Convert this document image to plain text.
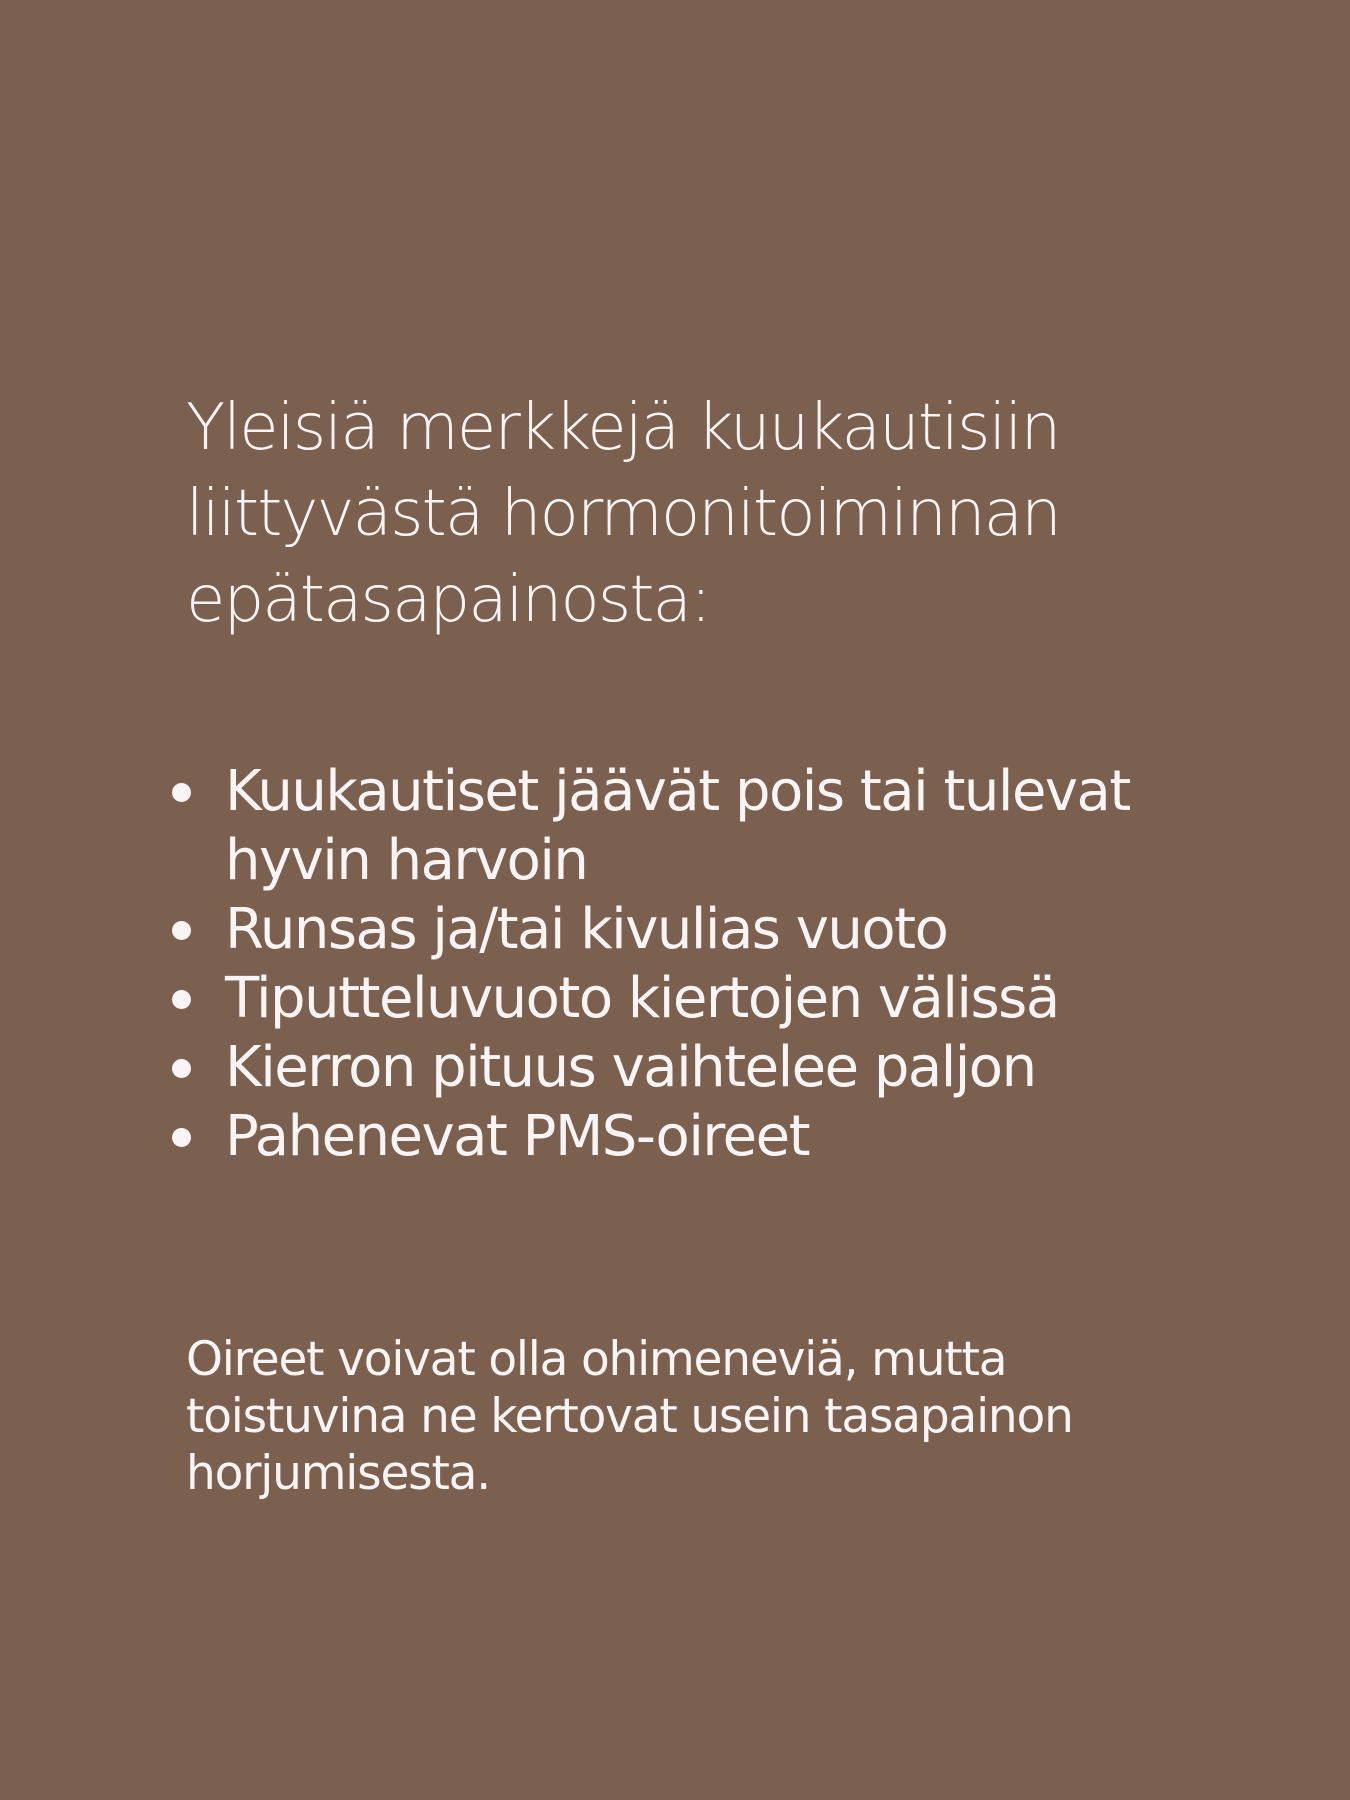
Yleisiä merkkejä kuukautisiin
liittyvästä hormonitoiminnan
epätasapainosta:
Kuukautiset jäävät pois tai tulevat
hyvin harvoin
Runsas ja/tai kivulias vuoto
Tiputteluvuoto kiertojen välissä
Kierron pituus vaihtelee paljon
Pahenevat PMS-oireet

Oireet voivat olla ohimeneviä, mutta
toistuvina ne kertovat usein tasapainon
horjumisesta.
